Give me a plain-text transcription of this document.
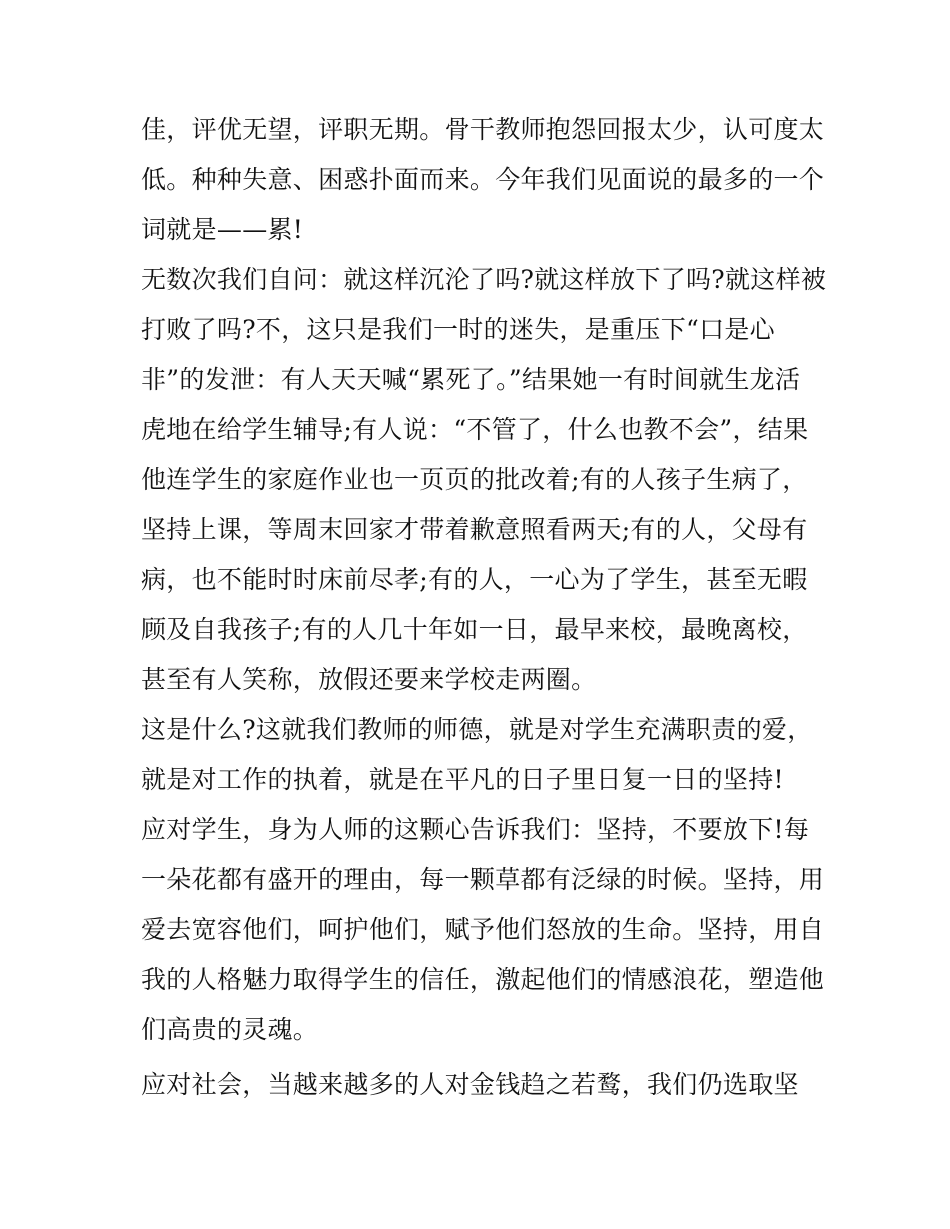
佳，评优无望，评职无期。骨干教师抱怨回报太少，认可度太
低。种种失意、困惑扑面而来。今年我们见面说的最多的一个
词就是——累!
无数次我们自问：就这样沉沦了吗?就这样放下了吗?就这样被
打败了吗?不，这只是我们一时的迷失，是重压下“口是心
非”的发泄：有人天天喊“累死了。”结果她一有时间就生龙活
虎地在给学生辅导;有人说：“不管了，什么也教不会”，结果
他连学生的家庭作业也一页页的批改着;有的人孩子生病了，
坚持上课，等周末回家才带着歉意照看两天;有的人，父母有
病，也不能时时床前尽孝;有的人，一心为了学生，甚至无暇
顾及自我孩子;有的人几十年如一日，最早来校，最晚离校，
甚至有人笑称，放假还要来学校走两圈。
这是什么?这就我们教师的师德，就是对学生充满职责的爱，
就是对工作的执着，就是在平凡的日子里日复一日的坚持!
应对学生，身为人师的这颗心告诉我们：坚持，不要放下!每
一朵花都有盛开的理由，每一颗草都有泛绿的时候。坚持，用
爱去宽容他们，呵护他们，赋予他们怒放的生命。坚持，用自
我的人格魅力取得学生的信任，激起他们的情感浪花，塑造他
们高贵的灵魂。
应对社会，当越来越多的人对金钱趋之若鹜，我们仍选取坚
